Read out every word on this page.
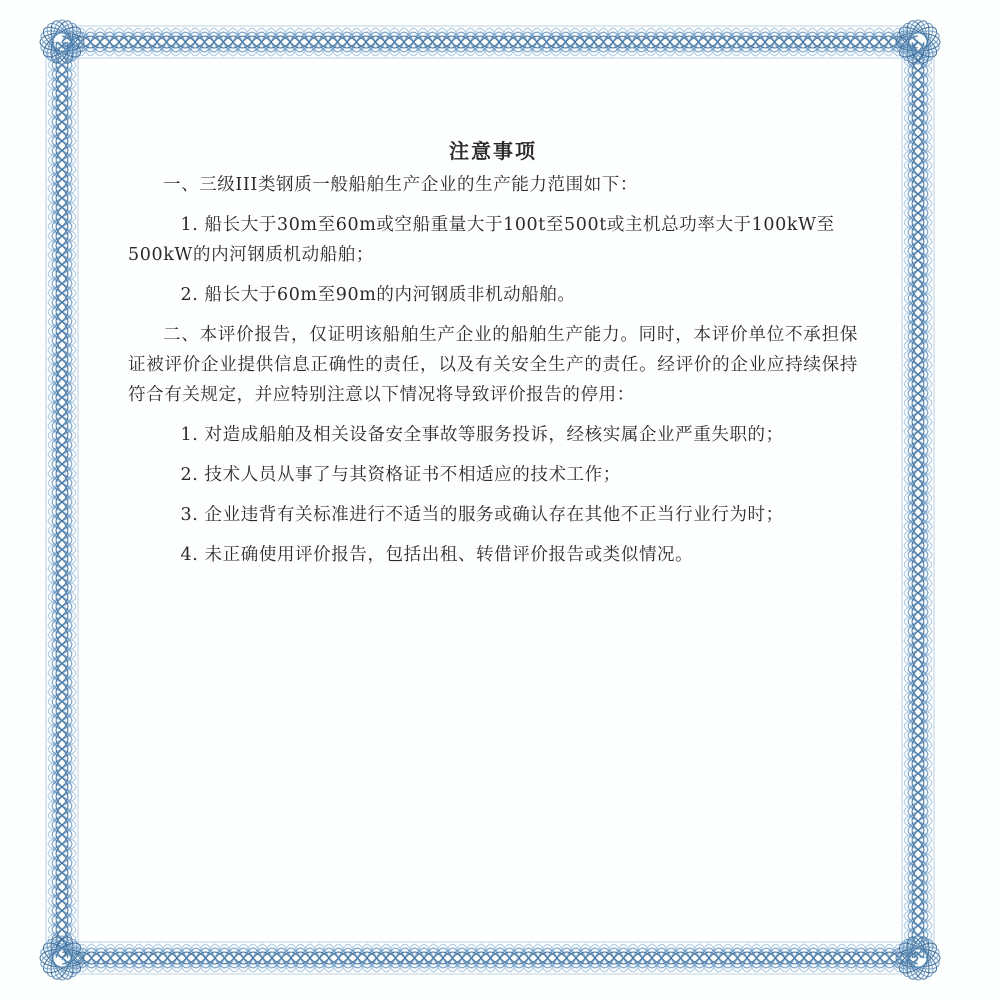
注意事项

一、三级III类钢质一般船舶生产企业的生产能力范围如下：

1. 船长大于30m至60m或空船重量大于100t至500t或主机总功率大于100kW至500kW的内河钢质机动船舶；

2. 船长大于60m至90m的内河钢质非机动船舶。

二、本评价报告，仅证明该船舶生产企业的船舶生产能力。同时，本评价单位不承担保证被评价企业提供信息正确性的责任，以及有关安全生产的责任。经评价的企业应持续保持符合有关规定，并应特别注意以下情况将导致评价报告的停用：

1. 对造成船舶及相关设备安全事故等服务投诉，经核实属企业严重失职的；

2. 技术人员从事了与其资格证书不相适应的技术工作；

3. 企业违背有关标准进行不适当的服务或确认存在其他不正当行业行为时；

4. 未正确使用评价报告，包括出租、转借评价报告或类似情况。
